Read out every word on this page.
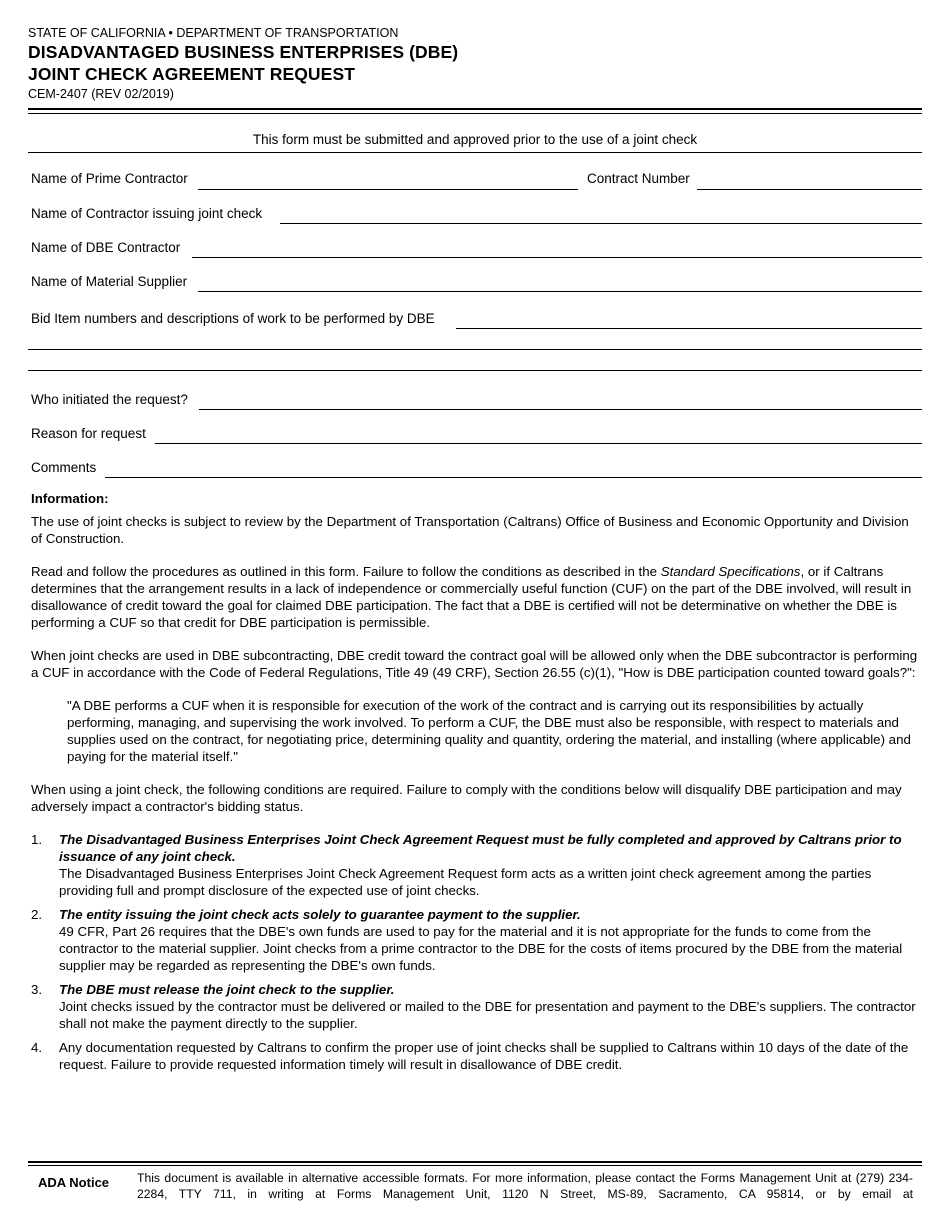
STATE OF CALIFORNIA • DEPARTMENT OF TRANSPORTATION
DISADVANTAGED BUSINESS ENTERPRISES (DBE)
JOINT CHECK AGREEMENT REQUEST
CEM-2407 (REV 02/2019)
This form must be submitted and approved prior to the use of a joint check
Name of Prime Contractor	Contract Number
Name of Contractor issuing joint check
Name of DBE Contractor
Name of Material Supplier
Bid Item numbers and descriptions of work to be performed by DBE
Who initiated the request?
Reason for request
Comments

Information:

The use of joint checks is subject to review by the Department of Transportation (Caltrans) Office of Business and Economic Opportunity and Division of Construction.

Read and follow the procedures as outlined in this form. Failure to follow the conditions as described in the Standard Specifications, or if Caltrans determines that the arrangement results in a lack of independence or commercially useful function (CUF) on the part of the DBE involved, will result in disallowance of credit toward the goal for claimed DBE participation. The fact that a DBE is certified will not be determinative on whether the DBE is performing a CUF so that credit for DBE participation is permissible.

When joint checks are used in DBE subcontracting, DBE credit toward the contract goal will be allowed only when the DBE subcontractor is performing a CUF in accordance with the Code of Federal Regulations, Title 49 (49 CRF), Section 26.55 (c)(1), "How is DBE participation counted toward goals?":

"A DBE performs a CUF when it is responsible for execution of the work of the contract and is carrying out its responsibilities by actually performing, managing, and supervising the work involved. To perform a CUF, the DBE must also be responsible, with respect to materials and supplies used on the contract, for negotiating price, determining quality and quantity, ordering the material, and installing (where applicable) and paying for the material itself."

When using a joint check, the following conditions are required. Failure to comply with the conditions below will disqualify DBE participation and may adversely impact a contractor's bidding status.

1. The Disadvantaged Business Enterprises Joint Check Agreement Request must be fully completed and approved by Caltrans prior to issuance of any joint check.
The Disadvantaged Business Enterprises Joint Check Agreement Request form acts as a written joint check agreement among the parties providing full and prompt disclosure of the expected use of joint checks.
2. The entity issuing the joint check acts solely to guarantee payment to the supplier.
49 CFR, Part 26 requires that the DBE's own funds are used to pay for the material and it is not appropriate for the funds to come from the contractor to the material supplier. Joint checks from a prime contractor to the DBE for the costs of items procured by the DBE from the material supplier may be regarded as representing the DBE's own funds.
3. The DBE must release the joint check to the supplier.
Joint checks issued by the contractor must be delivered or mailed to the DBE for presentation and payment to the DBE's suppliers. The contractor shall not make the payment directly to the supplier.
4. Any documentation requested by Caltrans to confirm the proper use of joint checks shall be supplied to Caltrans within 10 days of the date of the request. Failure to provide requested information timely will result in disallowance of DBE credit.
ADA Notice This document is available in alternative accessible formats. For more information, please contact the Forms Management Unit at (279) 234-2284, TTY 711, in writing at Forms Management Unit, 1120 N Street, MS-89, Sacramento, CA 95814, or by email at
